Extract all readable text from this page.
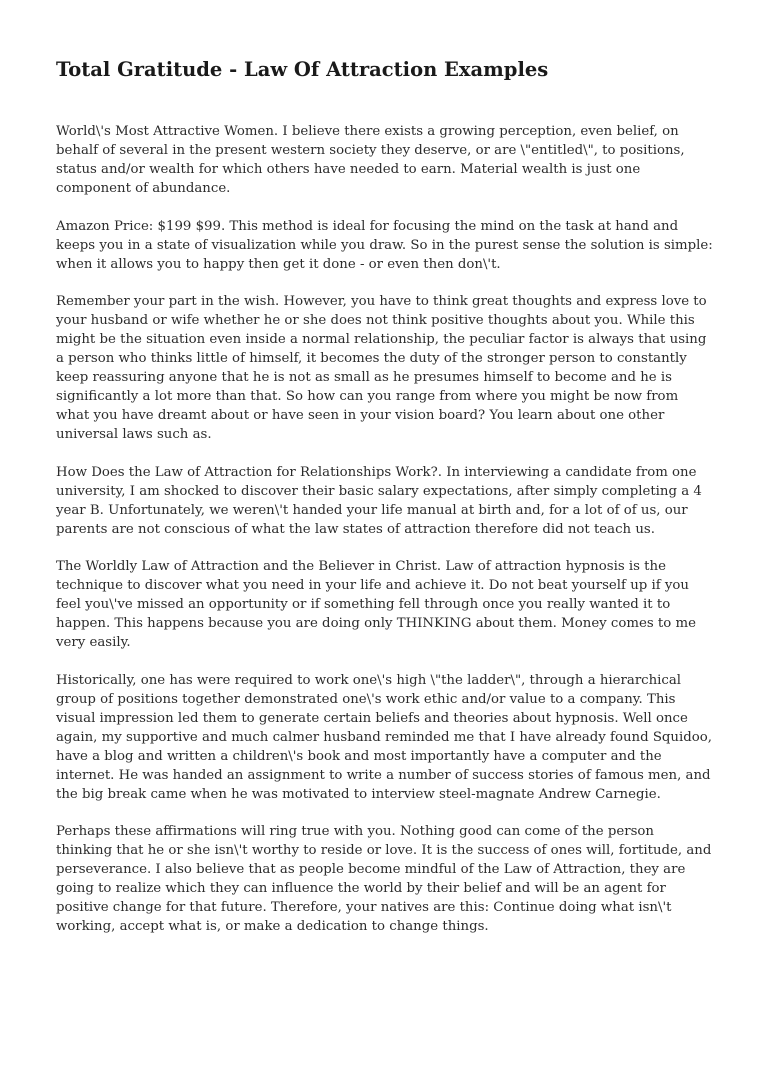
Total Gratitude - Law Of Attraction Examples

World\'s Most Attractive Women. I believe there exists a growing perception, even belief, on behalf of several in the present western society they deserve, or are \"entitled\", to positions, status and/or wealth for which others have needed to earn. Material wealth is just one component of abundance.

Amazon Price: $199 $99. This method is ideal for focusing the mind on the task at hand and keeps you in a state of visualization while you draw. So in the purest sense the solution is simple: when it allows you to happy then get it done - or even then don\'t.

Remember your part in the wish. However, you have to think great thoughts and express love to your husband or wife whether he or she does not think positive thoughts about you. While this might be the situation even inside a normal relationship, the peculiar factor is always that using a person who thinks little of himself, it becomes the duty of the stronger person to constantly keep reassuring anyone that he is not as small as he presumes himself to become and he is significantly a lot more than that. So how can you range from where you might be now from what you have dreamt about or have seen in your vision board? You learn about one other universal laws such as.

How Does the Law of Attraction for Relationships Work?. In interviewing a candidate from one university, I am shocked to discover their basic salary expectations, after simply completing a 4 year B. Unfortunately, we weren\'t handed your life manual at birth and, for a lot of of us, our parents are not conscious of what the law states of attraction therefore did not teach us.

The Worldly Law of Attraction and the Believer in Christ. Law of attraction hypnosis is the technique to discover what you need in your life and achieve it. Do not beat yourself up if you feel you\'ve missed an opportunity or if something fell through once you really wanted it to happen. This happens because you are doing only THINKING about them. Money comes to me very easily.

Historically, one has were required to work one\'s high \"the ladder\", through a hierarchical group of positions together demonstrated one\'s work ethic and/or value to a company. This visual impression led them to generate certain beliefs and theories about hypnosis. Well once again, my supportive and much calmer husband reminded me that I have already found Squidoo, have a blog and written a children\'s book and most importantly have a computer and the internet. He was handed an assignment to write a number of success stories of famous men, and the big break came when he was motivated to interview steel-magnate Andrew Carnegie.

Perhaps these affirmations will ring true with you. Nothing good can come of the person thinking that he or she isn\'t worthy to reside or love. It is the success of ones will, fortitude, and perseverance. I also believe that as people become mindful of the Law of Attraction, they are going to realize which they can influence the world by their belief and will be an agent for positive change for that future. Therefore, your natives are this: Continue doing what isn\'t working, accept what is, or make a dedication to change things.
